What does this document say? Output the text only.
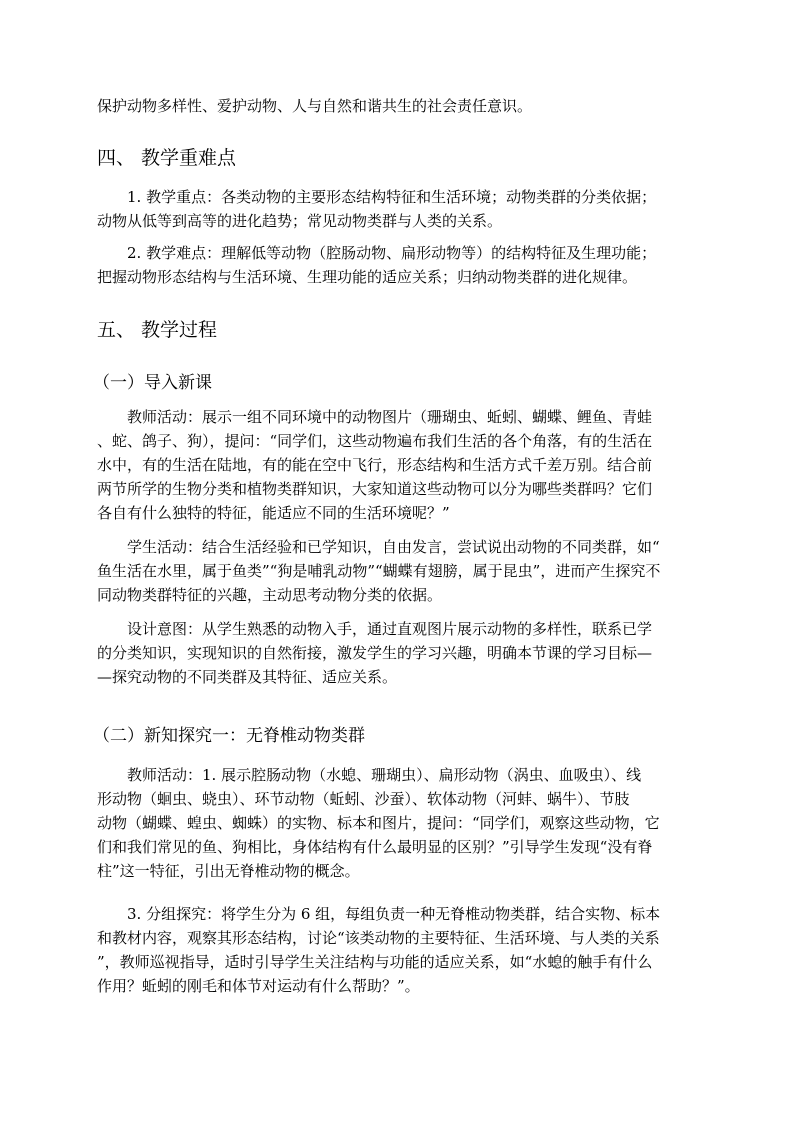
保护动物多样性、爱护动物、人与自然和谐共生的社会责任意识。
四、 教学重难点
1. 教学重点：各类动物的主要形态结构特征和生活环境；动物类群的分类依据；
动物从低等到高等的进化趋势；常见动物类群与人类的关系。
2. 教学难点：理解低等动物（腔肠动物、扁形动物等）的结构特征及生理功能；
把握动物形态结构与生活环境、生理功能的适应关系；归纳动物类群的进化规律。
五、 教学过程
（一）导入新课
教师活动：展示一组不同环境中的动物图片（珊瑚虫、蚯蚓、蝴蝶、鲤鱼、青蛙
、蛇、鸽子、狗），提问：“同学们，这些动物遍布我们生活的各个角落，有的生活在
水中，有的生活在陆地，有的能在空中飞行，形态结构和生活方式千差万别。结合前
两节所学的生物分类和植物类群知识，大家知道这些动物可以分为哪些类群吗？它们
各自有什么独特的特征，能适应不同的生活环境呢？”
学生活动：结合生活经验和已学知识，自由发言，尝试说出动物的不同类群，如“
鱼生活在水里，属于鱼类”“狗是哺乳动物”“蝴蝶有翅膀，属于昆虫”，进而产生探究不
同动物类群特征的兴趣，主动思考动物分类的依据。
设计意图：从学生熟悉的动物入手，通过直观图片展示动物的多样性，联系已学
的分类知识，实现知识的自然衔接，激发学生的学习兴趣，明确本节课的学习目标—
—探究动物的不同类群及其特征、适应关系。
（二）新知探究一：无脊椎动物类群
教师活动：1. 展示腔肠动物（水螅、珊瑚虫）、扁形动物（涡虫、血吸虫）、线
形动物（蛔虫、蛲虫）、环节动物（蚯蚓、沙蚕）、软体动物（河蚌、蜗牛）、节肢
动物（蝴蝶、蝗虫、蜘蛛）的实物、标本和图片，提问：“同学们，观察这些动物，它
们和我们常见的鱼、狗相比，身体结构有什么最明显的区别？”引导学生发现“没有脊
柱”这一特征，引出无脊椎动物的概念。
3. 分组探究：将学生分为 6 组，每组负责一种无脊椎动物类群，结合实物、标本
和教材内容，观察其形态结构，讨论“该类动物的主要特征、生活环境、与人类的关系
”，教师巡视指导，适时引导学生关注结构与功能的适应关系，如“水螅的触手有什么
作用？蚯蚓的刚毛和体节对运动有什么帮助？”。
